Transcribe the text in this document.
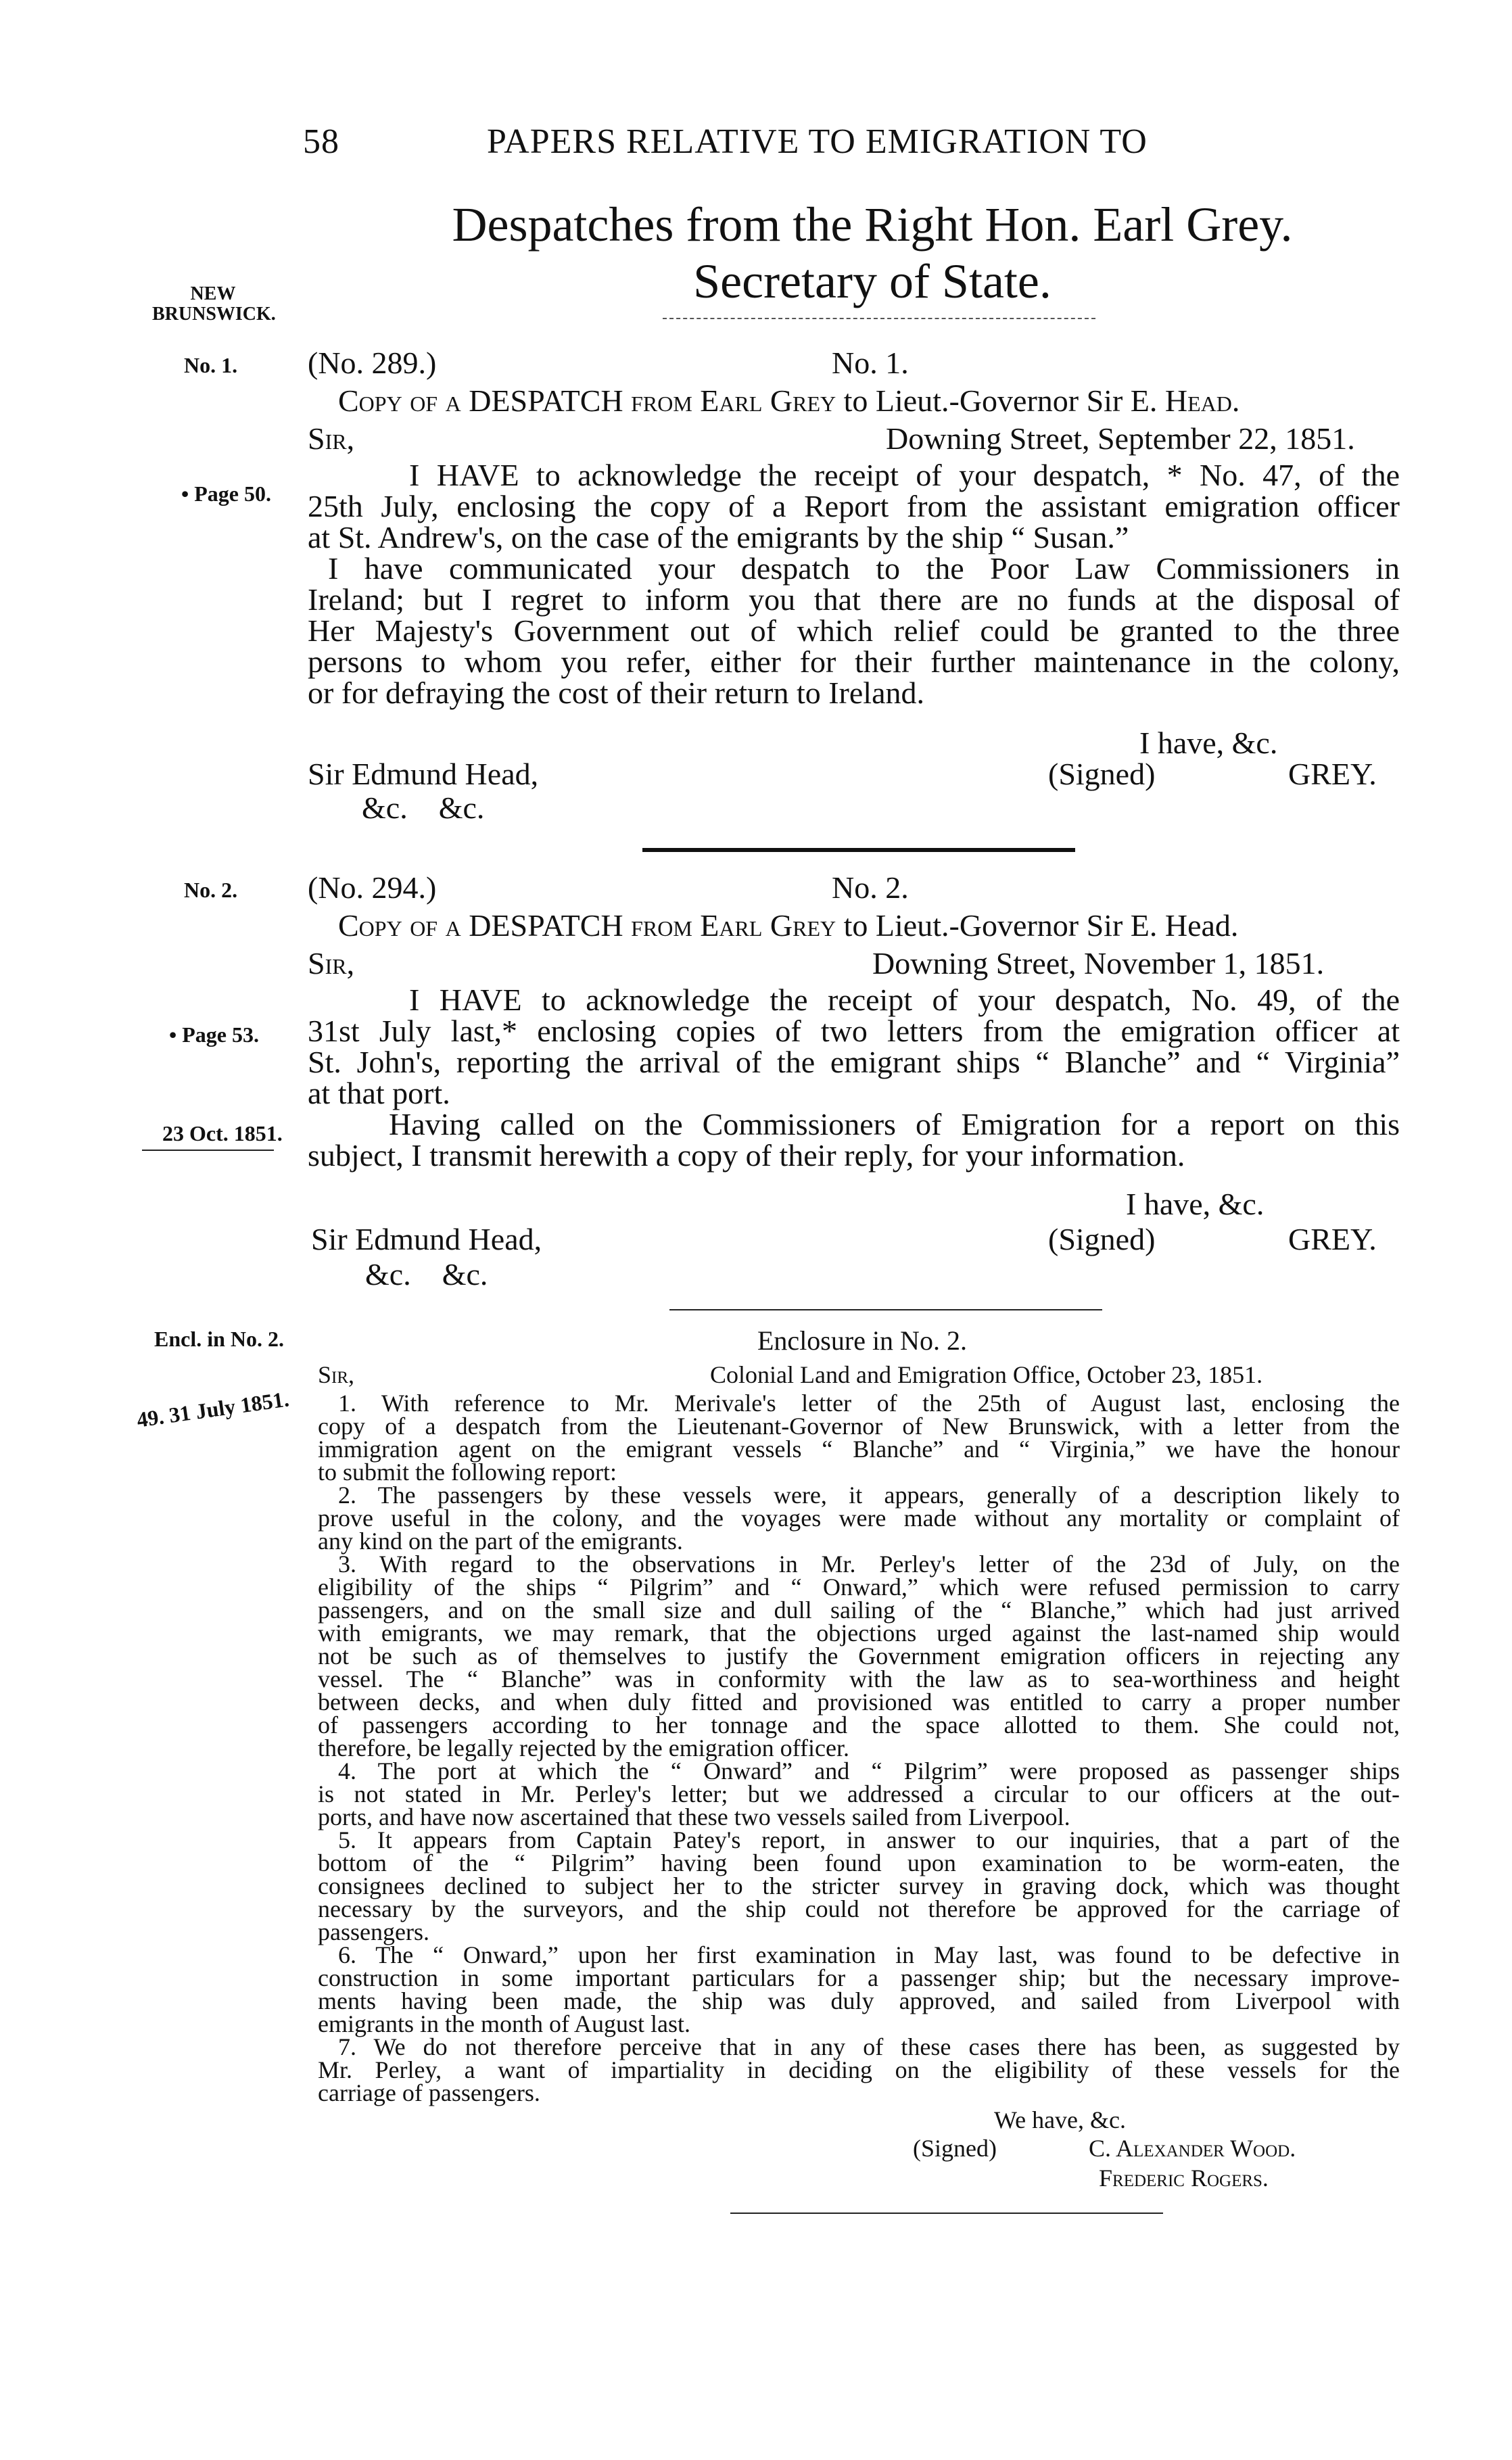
58	PAPERS RELATIVE TO EMIGRATION TO
Despatches from the Right Hon. Earl Grey.
Secretary of State.
NEW BRUNSWICK.
No. 1.
• Page 50.
No. 2.
• Page 53.
23 Oct. 1851.
Encl. in No. 2.
49. 31 July 1851.
(No. 289.)	No. 1.
Copy of a DESPATCH from Earl Grey to Lieut.-Governor Sir E. Head.
Sir,	Downing Street, September 22, 1851.
I HAVE to acknowledge the receipt of your despatch, * No. 47, of the
25th July, enclosing the copy of a Report from the assistant emigration officer
at St. Andrew's, on the case of the emigrants by the ship “ Susan.”
I have communicated your despatch to the Poor Law Commissioners in
Ireland; but I regret to inform you that there are no funds at the disposal of
Her Majesty's Government out of which relief could be granted to the three
persons to whom you refer, either for their further maintenance in the colony,
or for defraying the cost of their return to Ireland.
I have, &c.
Sir Edmund Head,	(Signed)	GREY.
&c.    &c.
(No. 294.)	No. 2.
Copy of a DESPATCH from Earl Grey to Lieut.-Governor Sir E. Head.
Sir,	Downing Street, November 1, 1851.
I HAVE to acknowledge the receipt of your despatch, No. 49, of the
31st July last,* enclosing copies of two letters from the emigration officer at
St. John's, reporting the arrival of the emigrant ships “ Blanche” and “ Virginia”
at that port.
Having called on the Commissioners of Emigration for a report on this
subject, I transmit herewith a copy of their reply, for your information.
I have, &c.
Sir Edmund Head,	(Signed)	GREY.
&c.    &c.
Enclosure in No. 2.
Sir,	Colonial Land and Emigration Office, October 23, 1851.
1. With reference to Mr. Merivale's letter of the 25th of August last, enclosing the
copy of a despatch from the Lieutenant-Governor of New Brunswick, with a letter from the
immigration agent on the emigrant vessels “ Blanche” and “ Virginia,” we have the honour
to submit the following report:
2. The passengers by these vessels were, it appears, generally of a description likely to
prove useful in the colony, and the voyages were made without any mortality or complaint of
any kind on the part of the emigrants.
3. With regard to the observations in Mr. Perley's letter of the 23d of July, on the
eligibility of the ships “ Pilgrim” and “ Onward,” which were refused permission to carry
passengers, and on the small size and dull sailing of the “ Blanche,” which had just arrived
with emigrants, we may remark, that the objections urged against the last-named ship would
not be such as of themselves to justify the Government emigration officers in rejecting any
vessel. The “ Blanche” was in conformity with the law as to sea-worthiness and height
between decks, and when duly fitted and provisioned was entitled to carry a proper number
of passengers according to her tonnage and the space allotted to them. She could not,
therefore, be legally rejected by the emigration officer.
4. The port at which the “ Onward” and “ Pilgrim” were proposed as passenger ships
is not stated in Mr. Perley's letter; but we addressed a circular to our officers at the out-
ports, and have now ascertained that these two vessels sailed from Liverpool.
5. It appears from Captain Patey's report, in answer to our inquiries, that a part of the
bottom of the “ Pilgrim” having been found upon examination to be worm-eaten, the
consignees declined to subject her to the stricter survey in graving dock, which was thought
necessary by the surveyors, and the ship could not therefore be approved for the carriage of
passengers.
6. The “ Onward,” upon her first examination in May last, was found to be defective in
construction in some important particulars for a passenger ship; but the necessary improve-
ments having been made, the ship was duly approved, and sailed from Liverpool with
emigrants in the month of August last.
7. We do not therefore perceive that in any of these cases there has been, as suggested by
Mr. Perley, a want of impartiality in deciding on the eligibility of these vessels for the
carriage of passengers.
We have, &c.
(Signed)	C. Alexander Wood.
Frederic Rogers.
